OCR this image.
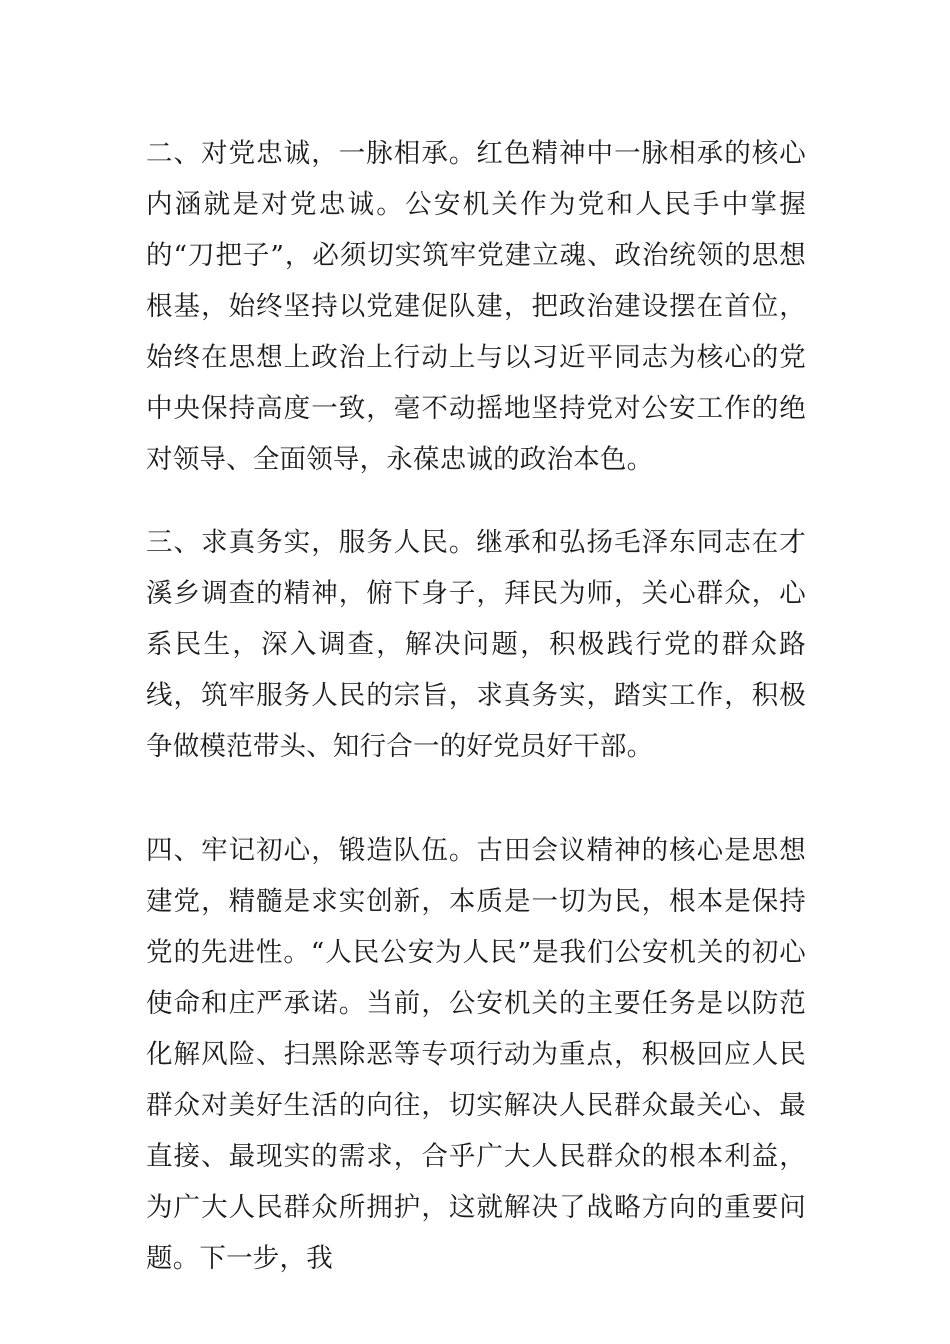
二、对党忠诚，一脉相承。红色精神中一脉相承的核心内涵就是对党忠诚。公安机关作为党和人民手中掌握的“刀把子”，必须切实筑牢党建立魂、政治统领的思想根基，始终坚持以党建促队建，把政治建设摆在首位，始终在思想上政治上行动上与以习近平同志为核心的党中央保持高度一致，毫不动摇地坚持党对公安工作的绝对领导、全面领导，永葆忠诚的政治本色。

三、求真务实，服务人民。继承和弘扬毛泽东同志在才溪乡调查的精神，俯下身子，拜民为师，关心群众，心系民生，深入调查，解决问题，积极践行党的群众路线，筑牢服务人民的宗旨，求真务实，踏实工作，积极争做模范带头、知行合一的好党员好干部。

四、牢记初心，锻造队伍。古田会议精神的核心是思想建党，精髓是求实创新，本质是一切为民，根本是保持党的先进性。“人民公安为人民”是我们公安机关的初心使命和庄严承诺。当前，公安机关的主要任务是以防范化解风险、扫黑除恶等专项行动为重点，积极回应人民群众对美好生活的向往，切实解决人民群众最关心、最直接、最现实的需求，合乎广大人民群众的根本利益，为广大人民群众所拥护，这就解决了战略方向的重要问题。下一步，我
